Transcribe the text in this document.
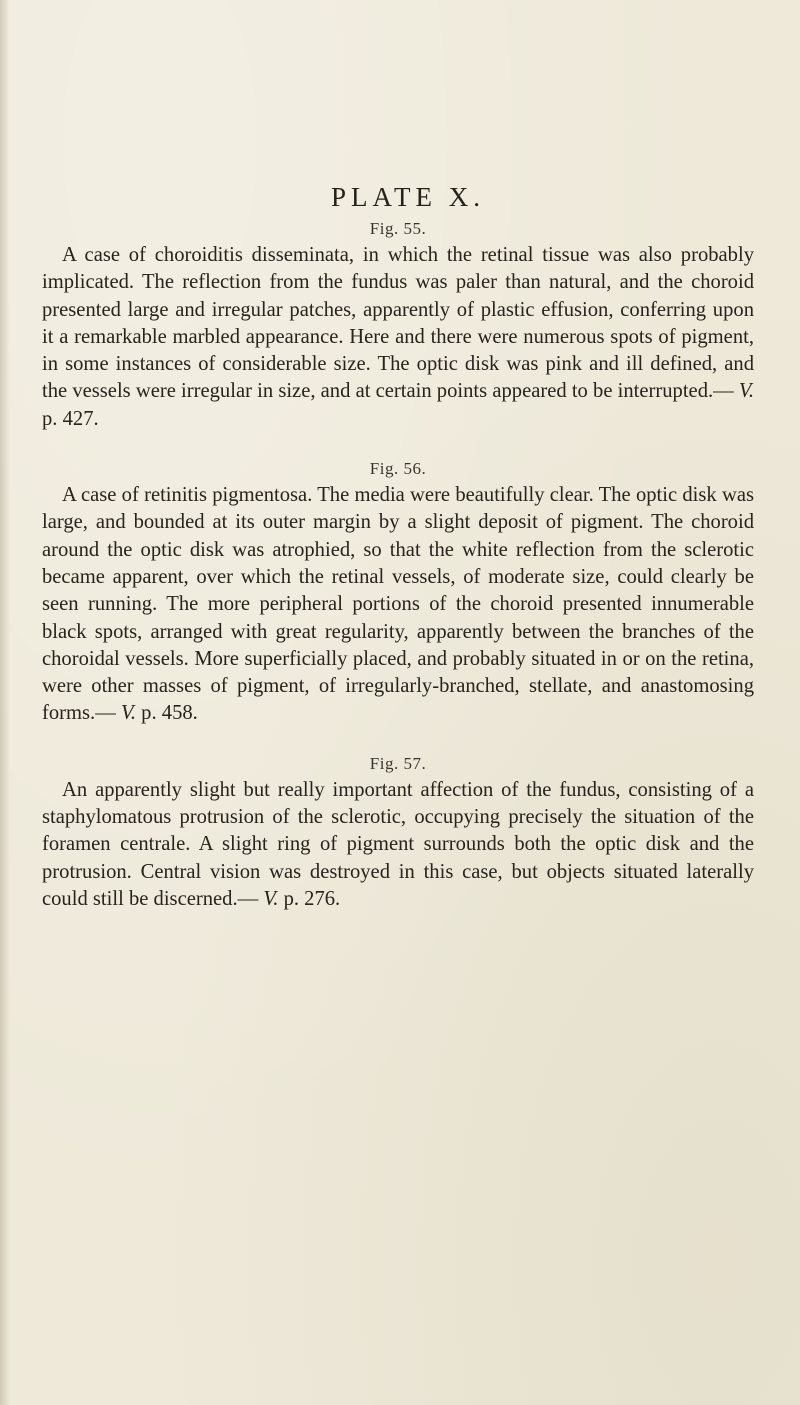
PLATE X.
Fig. 55.

A case of choroiditis disseminata, in which the retinal tissue was also probably implicated. The reflection from the fundus was paler than natural, and the choroid presented large and irregular patches, apparently of plastic effusion, conferring upon it a remarkable marbled appearance. Here and there were numerous spots of pigment, in some instances of considerable size. The optic disk was pink and ill defined, and the vessels were irregular in size, and at certain points appeared to be interrupted.— V. p. 427.

Fig. 56.

A case of retinitis pigmentosa. The media were beautifully clear. The optic disk was large, and bounded at its outer margin by a slight deposit of pigment. The choroid around the optic disk was atrophied, so that the white reflection from the sclerotic became apparent, over which the retinal vessels, of moderate size, could clearly be seen running. The more peripheral portions of the choroid presented innumerable black spots, arranged with great regularity, apparently between the branches of the choroidal vessels. More superficially placed, and probably situated in or on the retina, were other masses of pigment, of irregularly-branched, stellate, and anastomosing forms.— V. p. 458.

Fig. 57.

An apparently slight but really important affection of the fundus, consisting of a staphylomatous protrusion of the sclerotic, occupying precisely the situation of the foramen centrale. A slight ring of pigment surrounds both the optic disk and the protrusion. Central vision was destroyed in this case, but objects situated laterally could still be discerned.— V. p. 276.
